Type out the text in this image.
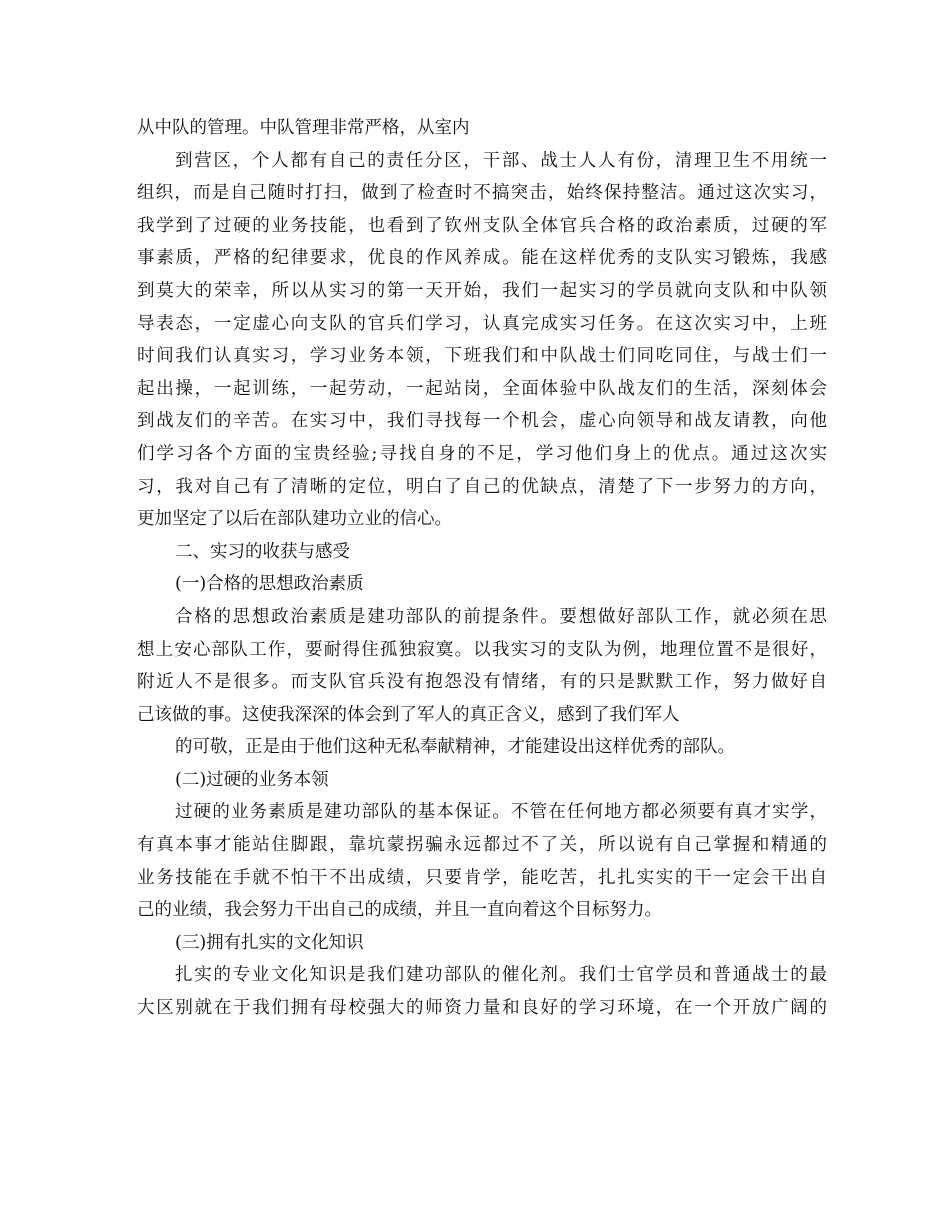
从中队的管理。中队管理非常严格，从室内
到营区，个人都有自己的责任分区，干部、战士人人有份，清理卫生不用统一
组织，而是自己随时打扫，做到了检查时不搞突击，始终保持整洁。通过这次实习，
我学到了过硬的业务技能，也看到了钦州支队全体官兵合格的政治素质，过硬的军
事素质，严格的纪律要求，优良的作风养成。能在这样优秀的支队实习锻炼，我感
到莫大的荣幸，所以从实习的第一天开始，我们一起实习的学员就向支队和中队领
导表态，一定虚心向支队的官兵们学习，认真完成实习任务。在这次实习中，上班
时间我们认真实习，学习业务本领，下班我们和中队战士们同吃同住，与战士们一
起出操，一起训练，一起劳动，一起站岗，全面体验中队战友们的生活，深刻体会
到战友们的辛苦。在实习中，我们寻找每一个机会，虚心向领导和战友请教，向他
们学习各个方面的宝贵经验;寻找自身的不足，学习他们身上的优点。通过这次实
习，我对自己有了清晰的定位，明白了自己的优缺点，清楚了下一步努力的方向，
更加坚定了以后在部队建功立业的信心。
二、实习的收获与感受
(一)合格的思想政治素质
合格的思想政治素质是建功部队的前提条件。要想做好部队工作，就必须在思
想上安心部队工作，要耐得住孤独寂寞。以我实习的支队为例，地理位置不是很好，
附近人不是很多。而支队官兵没有抱怨没有情绪，有的只是默默工作，努力做好自
己该做的事。这使我深深的体会到了军人的真正含义，感到了我们军人
的可敬，正是由于他们这种无私奉献精神，才能建设出这样优秀的部队。
(二)过硬的业务本领
过硬的业务素质是建功部队的基本保证。不管在任何地方都必须要有真才实学，
有真本事才能站住脚跟，靠坑蒙拐骗永远都过不了关，所以说有自己掌握和精通的
业务技能在手就不怕干不出成绩，只要肯学，能吃苦，扎扎实实的干一定会干出自
己的业绩，我会努力干出自己的成绩，并且一直向着这个目标努力。
(三)拥有扎实的文化知识
扎实的专业文化知识是我们建功部队的催化剂。我们士官学员和普通战士的最
大区别就在于我们拥有母校强大的师资力量和良好的学习环境，在一个开放广阔的
